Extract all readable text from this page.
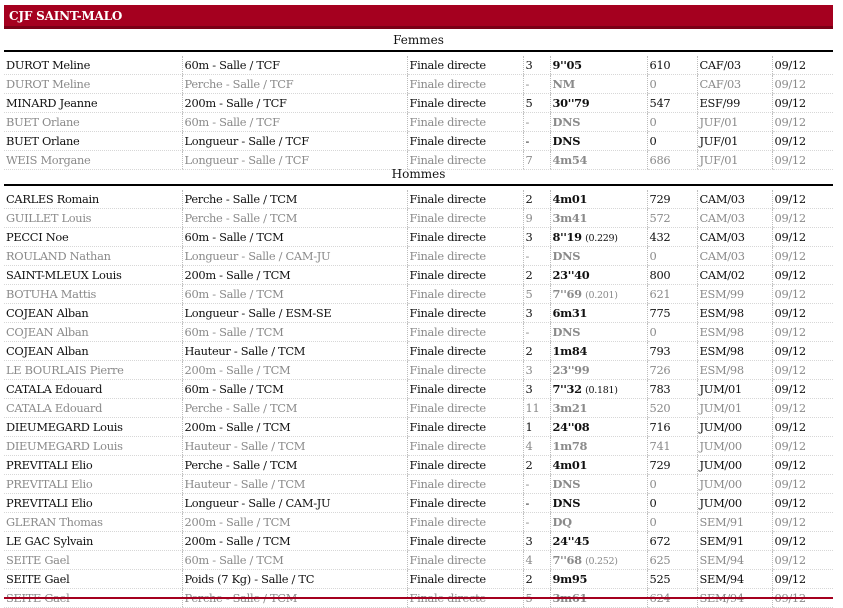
CJF SAINT-MALO
Femmes
DUROT Meline	60m - Salle / TCF	Finale directe	3	9''05	610	CAF/03	09/12
DUROT Meline	Perche - Salle / TCF	Finale directe	-	NM	0	CAF/03	09/12
MINARD Jeanne	200m - Salle / TCF	Finale directe	5	30''79	547	ESF/99	09/12
BUET Orlane	60m - Salle / TCF	Finale directe	-	DNS	0	JUF/01	09/12
BUET Orlane	Longueur - Salle / TCF	Finale directe	-	DNS	0	JUF/01	09/12
WEIS Morgane	Longueur - Salle / TCF	Finale directe	7	4m54	686	JUF/01	09/12
Hommes
CARLES Romain	Perche - Salle / TCM	Finale directe	2	4m01	729	CAM/03	09/12
GUILLET Louis	Perche - Salle / TCM	Finale directe	9	3m41	572	CAM/03	09/12
PECCI Noe	60m - Salle / TCM	Finale directe	3	8''19 (0.229)	432	CAM/03	09/12
ROULAND Nathan	Longueur - Salle / CAM-JU	Finale directe	-	DNS	0	CAM/03	09/12
SAINT-MLEUX Louis	200m - Salle / TCM	Finale directe	2	23''40	800	CAM/02	09/12
BOTUHA Mattis	60m - Salle / TCM	Finale directe	5	7''69 (0.201)	621	ESM/99	09/12
COJEAN Alban	Longueur - Salle / ESM-SE	Finale directe	3	6m31	775	ESM/98	09/12
COJEAN Alban	60m - Salle / TCM	Finale directe	-	DNS	0	ESM/98	09/12
COJEAN Alban	Hauteur - Salle / TCM	Finale directe	2	1m84	793	ESM/98	09/12
LE BOURLAIS Pierre	200m - Salle / TCM	Finale directe	3	23''99	726	ESM/98	09/12
CATALA Edouard	60m - Salle / TCM	Finale directe	3	7''32 (0.181)	783	JUM/01	09/12
CATALA Edouard	Perche - Salle / TCM	Finale directe	11	3m21	520	JUM/01	09/12
DIEUMEGARD Louis	200m - Salle / TCM	Finale directe	1	24''08	716	JUM/00	09/12
DIEUMEGARD Louis	Hauteur - Salle / TCM	Finale directe	4	1m78	741	JUM/00	09/12
PREVITALI Elio	Perche - Salle / TCM	Finale directe	2	4m01	729	JUM/00	09/12
PREVITALI Elio	Hauteur - Salle / TCM	Finale directe	-	DNS	0	JUM/00	09/12
PREVITALI Elio	Longueur - Salle / CAM-JU	Finale directe	-	DNS	0	JUM/00	09/12
GLERAN Thomas	200m - Salle / TCM	Finale directe	-	DQ	0	SEM/91	09/12
LE GAC Sylvain	200m - Salle / TCM	Finale directe	3	24''45	672	SEM/91	09/12
SEITE Gael	60m - Salle / TCM	Finale directe	4	7''68 (0.252)	625	SEM/94	09/12
SEITE Gael	Poids (7 Kg) - Salle / TC	Finale directe	2	9m95	525	SEM/94	09/12
